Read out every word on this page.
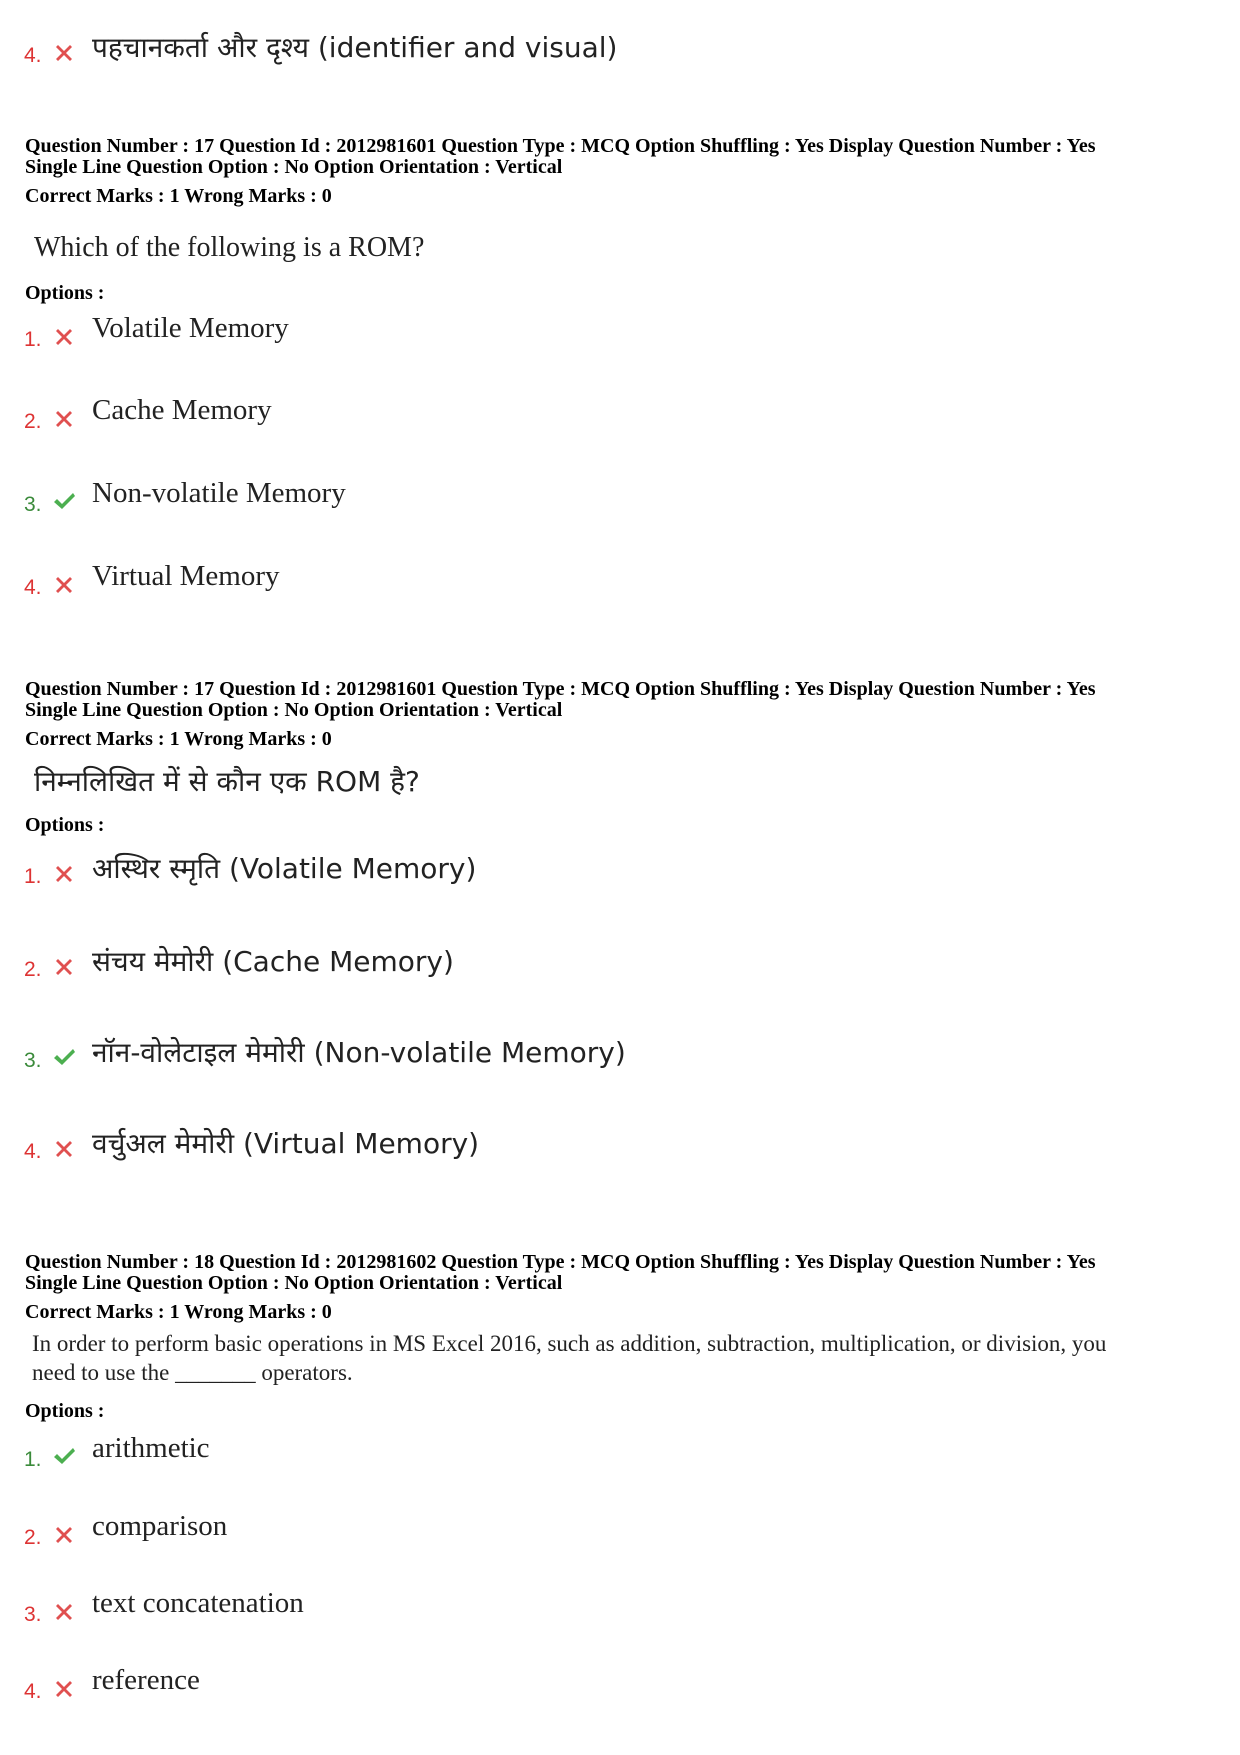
4. पहचानकर्ता और दृश्य (identifier and visual)
Question Number : 17 Question Id : 2012981601 Question Type : MCQ Option Shuffling : Yes Display Question Number : Yes
Single Line Question Option : No Option Orientation : Vertical
Correct Marks : 1 Wrong Marks : 0
Which of the following is a ROM?
Options :
1. Volatile Memory
2. Cache Memory
3. Non-volatile Memory
4. Virtual Memory
Question Number : 17 Question Id : 2012981601 Question Type : MCQ Option Shuffling : Yes Display Question Number : Yes
Single Line Question Option : No Option Orientation : Vertical
Correct Marks : 1 Wrong Marks : 0
निम्नलिखित में से कौन एक ROM है?
Options :
1. अस्थिर स्मृति (Volatile Memory)
2. संचय मेमोरी (Cache Memory)
3. नॉन-वोलेटाइल मेमोरी (Non-volatile Memory)
4. वर्चुअल मेमोरी (Virtual Memory)
Question Number : 18 Question Id : 2012981602 Question Type : MCQ Option Shuffling : Yes Display Question Number : Yes
Single Line Question Option : No Option Orientation : Vertical
Correct Marks : 1 Wrong Marks : 0
In order to perform basic operations in MS Excel 2016, such as addition, subtraction, multiplication, or division, you
need to use the _______ operators.
Options :
1. arithmetic
2. comparison
3. text concatenation
4. reference
